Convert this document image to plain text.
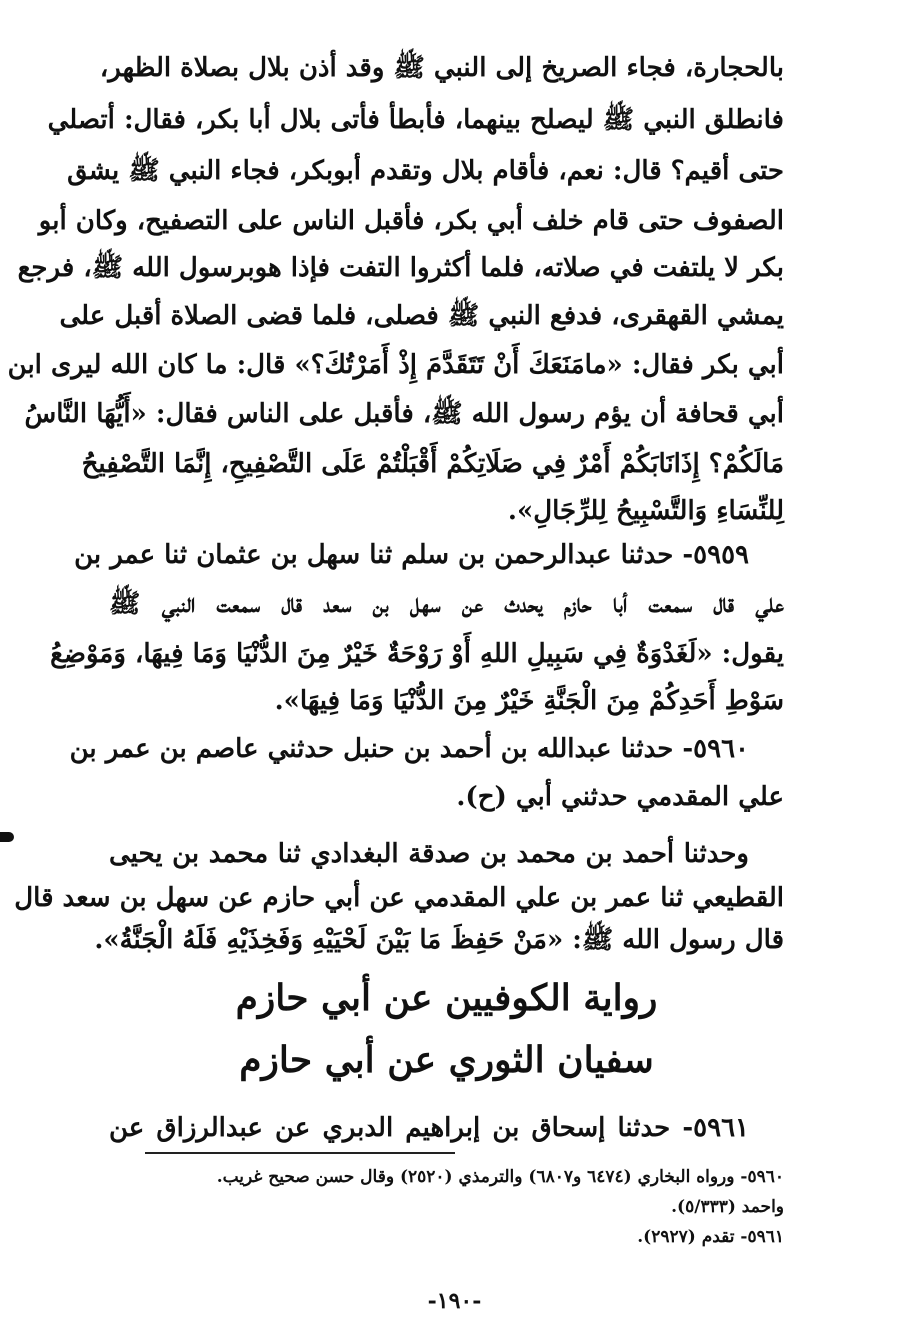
بالحجارة، فجاء الصريخ إلى النبي ﷺ وقد أذن بلال بصلاة الظهر،
فانطلق النبي ﷺ ليصلح بينهما، فأبطأ فأتى بلال أبا بكر، فقال: أتصلي
حتى أقيم؟ قال: نعم، فأقام بلال وتقدم أبوبكر، فجاء النبي ﷺ يشق
الصفوف حتى قام خلف أبي بكر، فأقبل الناس على التصفيح، وكان أبو
بكر لا يلتفت في صلاته، فلما أكثروا التفت فإذا هوبرسول الله ﷺ، فرجع
يمشي القهقرى، فدفع النبي ﷺ فصلى، فلما قضى الصلاة أقبل على
أبي بكر فقال: «مامَنَعَكَ أَنْ تَتَقَدَّمَ إِذْ أَمَرْتُكَ؟» قال: ما كان الله ليرى ابن
أبي قحافة أن يؤم رسول الله ﷺ، فأقبل على الناس فقال: «أَيُّهَا النَّاسُ
مَالَكُمْ؟ إِذَانَابَكُمْ أَمْرٌ فِي صَلَاتِكُمْ أَقْبَلْتُمْ عَلَى التَّصْفِيحِ، إِنَّمَا التَّصْفِيحُ
لِلنِّسَاءِ وَالتَّسْبِيحُ لِلرِّجَالِ».
٥٩٥٩- حدثنا عبدالرحمن بن سلم ثنا سهل بن عثمان ثنا عمر بن
علي قال سمعت أبا حازم يحدث عن سهل بن سعد قال سمعت النبي ﷺ
يقول: «لَغَدْوَةٌ فِي سَبِيلِ اللهِ أَوْ رَوْحَةٌ خَيْرٌ مِنَ الدُّنْيَا وَمَا فِيهَا، وَمَوْضِعُ
سَوْطِ أَحَدِكُمْ مِنَ الْجَنَّةِ خَيْرٌ مِنَ الدُّنْيَا وَمَا فِيهَا».
٥٩٦٠- حدثنا عبدالله بن أحمد بن حنبل حدثني عاصم بن عمر بن
علي المقدمي حدثني أبي (ح).
وحدثنا أحمد بن محمد بن صدقة البغدادي ثنا محمد بن يحيى
القطيعي ثنا عمر بن علي المقدمي عن أبي حازم عن سهل بن سعد قال
قال رسول الله ﷺ: «مَنْ حَفِظَ مَا بَيْنَ لَحْيَيْهِ وَفَخِذَيْهِ فَلَهُ الْجَنَّةُ».
رواية الكوفيين عن أبي حازم
سفيان الثوري عن أبي حازم
٥٩٦١- حدثنا إسحاق بن إبراهيم الدبري عن عبدالرزاق عن
٥٩٦٠- ورواه البخاري (٦٤٧٤ و٦٨٠٧) والترمذي (٢٥٢٠) وقال حسن صحيح غريب.
واحمد (٥/٣٣٣).
٥٩٦١- تقدم (٢٩٢٧).
-١٩٠-
